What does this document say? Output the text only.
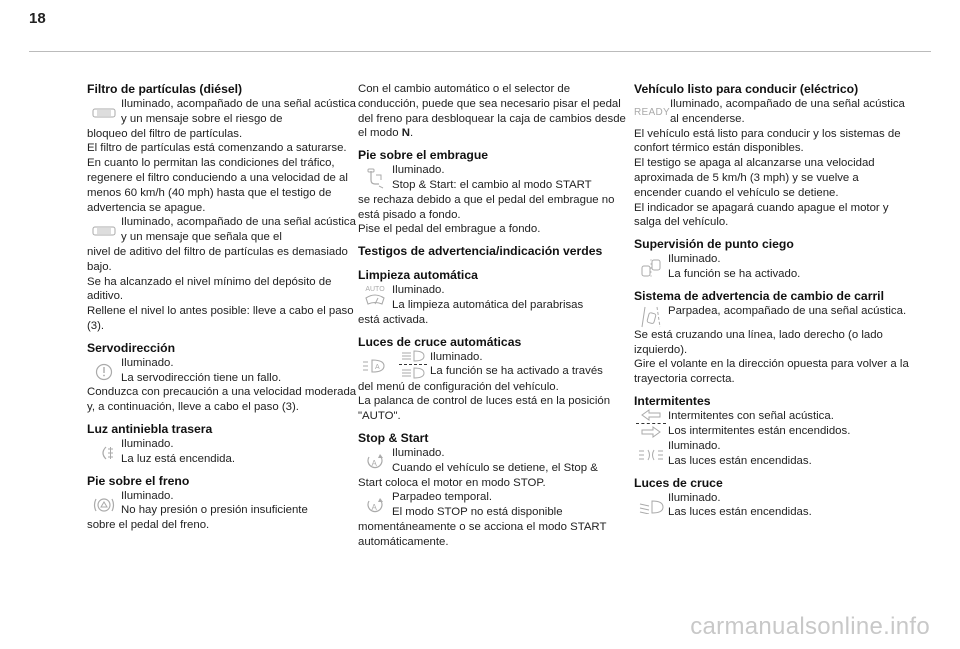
18
Filtro de partículas (diésel)

Iluminado, acompañado de una señal acústica y un mensaje sobre el riesgo de

bloqueo del filtro de partículas.

El filtro de partículas está comenzando a saturarse.

En cuanto lo permitan las condiciones del tráfico, regenere el filtro conduciendo a una velocidad de al menos 60 km/h (40 mph) hasta que el testigo de advertencia se apague.

Iluminado, acompañado de una señal acústica y un mensaje que señala que el

nivel de aditivo del filtro de partículas es demasiado bajo.

Se ha alcanzado el nivel mínimo del depósito de aditivo.

Rellene el nivel lo antes posible: lleve a cabo el paso (3).

Servodirección

Iluminado.

La servodirección tiene un fallo.

Conduzca con precaución a una velocidad moderada y, a continuación, lleve a cabo el paso (3).

Luz antiniebla trasera

Iluminado.

La luz está encendida.

Pie sobre el freno

Iluminado.

No hay presión o presión insuficiente

sobre el pedal del freno.

Con el cambio automático o el selector de conducción, puede que sea necesario pisar el pedal del freno para desbloquear la caja de cambios desde el modo N.

Pie sobre el embrague

Iluminado.

Stop & Start: el cambio al modo START

se rechaza debido a que el pedal del embrague no está pisado a fondo.

Pise el pedal del embrague a fondo.

Testigos de advertencia/indicación verdes
Limpieza automática
AUTO Iluminado.

La limpieza automática del parabrisas

está activada.

Luces de cruce automáticas
A

Iluminado.

La función se ha activado a través

del menú de configuración del vehículo.

La palanca de control de luces está en la posición "AUTO".

Stop & Start
A

Iluminado.

Cuando el vehículo se detiene, el Stop &

Start coloca el motor en modo STOP.

A

Parpadeo temporal.

El modo STOP no está disponible

momentáneamente o se acciona el modo START automáticamente.

Vehículo listo para conducir (eléctrico)
READY

Iluminado, acompañado de una señal acústica al encenderse.

El vehículo está listo para conducir y los sistemas de confort térmico están disponibles.

El testigo se apaga al alcanzarse una velocidad aproximada de 5 km/h (3 mph) y se vuelve a encender cuando el vehículo se detiene.

El indicador se apagará cuando apague el motor y salga del vehículo.

Supervisión de punto ciego

Iluminado.

La función se ha activado.

Sistema de advertencia de cambio de carril

Parpadea, acompañado de una señal acústica.

Se está cruzando una línea, lado derecho (o lado izquierdo).

Gire el volante en la dirección opuesta para volver a la trayectoria correcta.

Intermitentes

Intermitentes con señal acústica.

Los intermitentes están encendidos.

Iluminado.

Las luces están encendidas.

Luces de cruce

Iluminado.

Las luces están encendidas.

carmanualsonline.info
